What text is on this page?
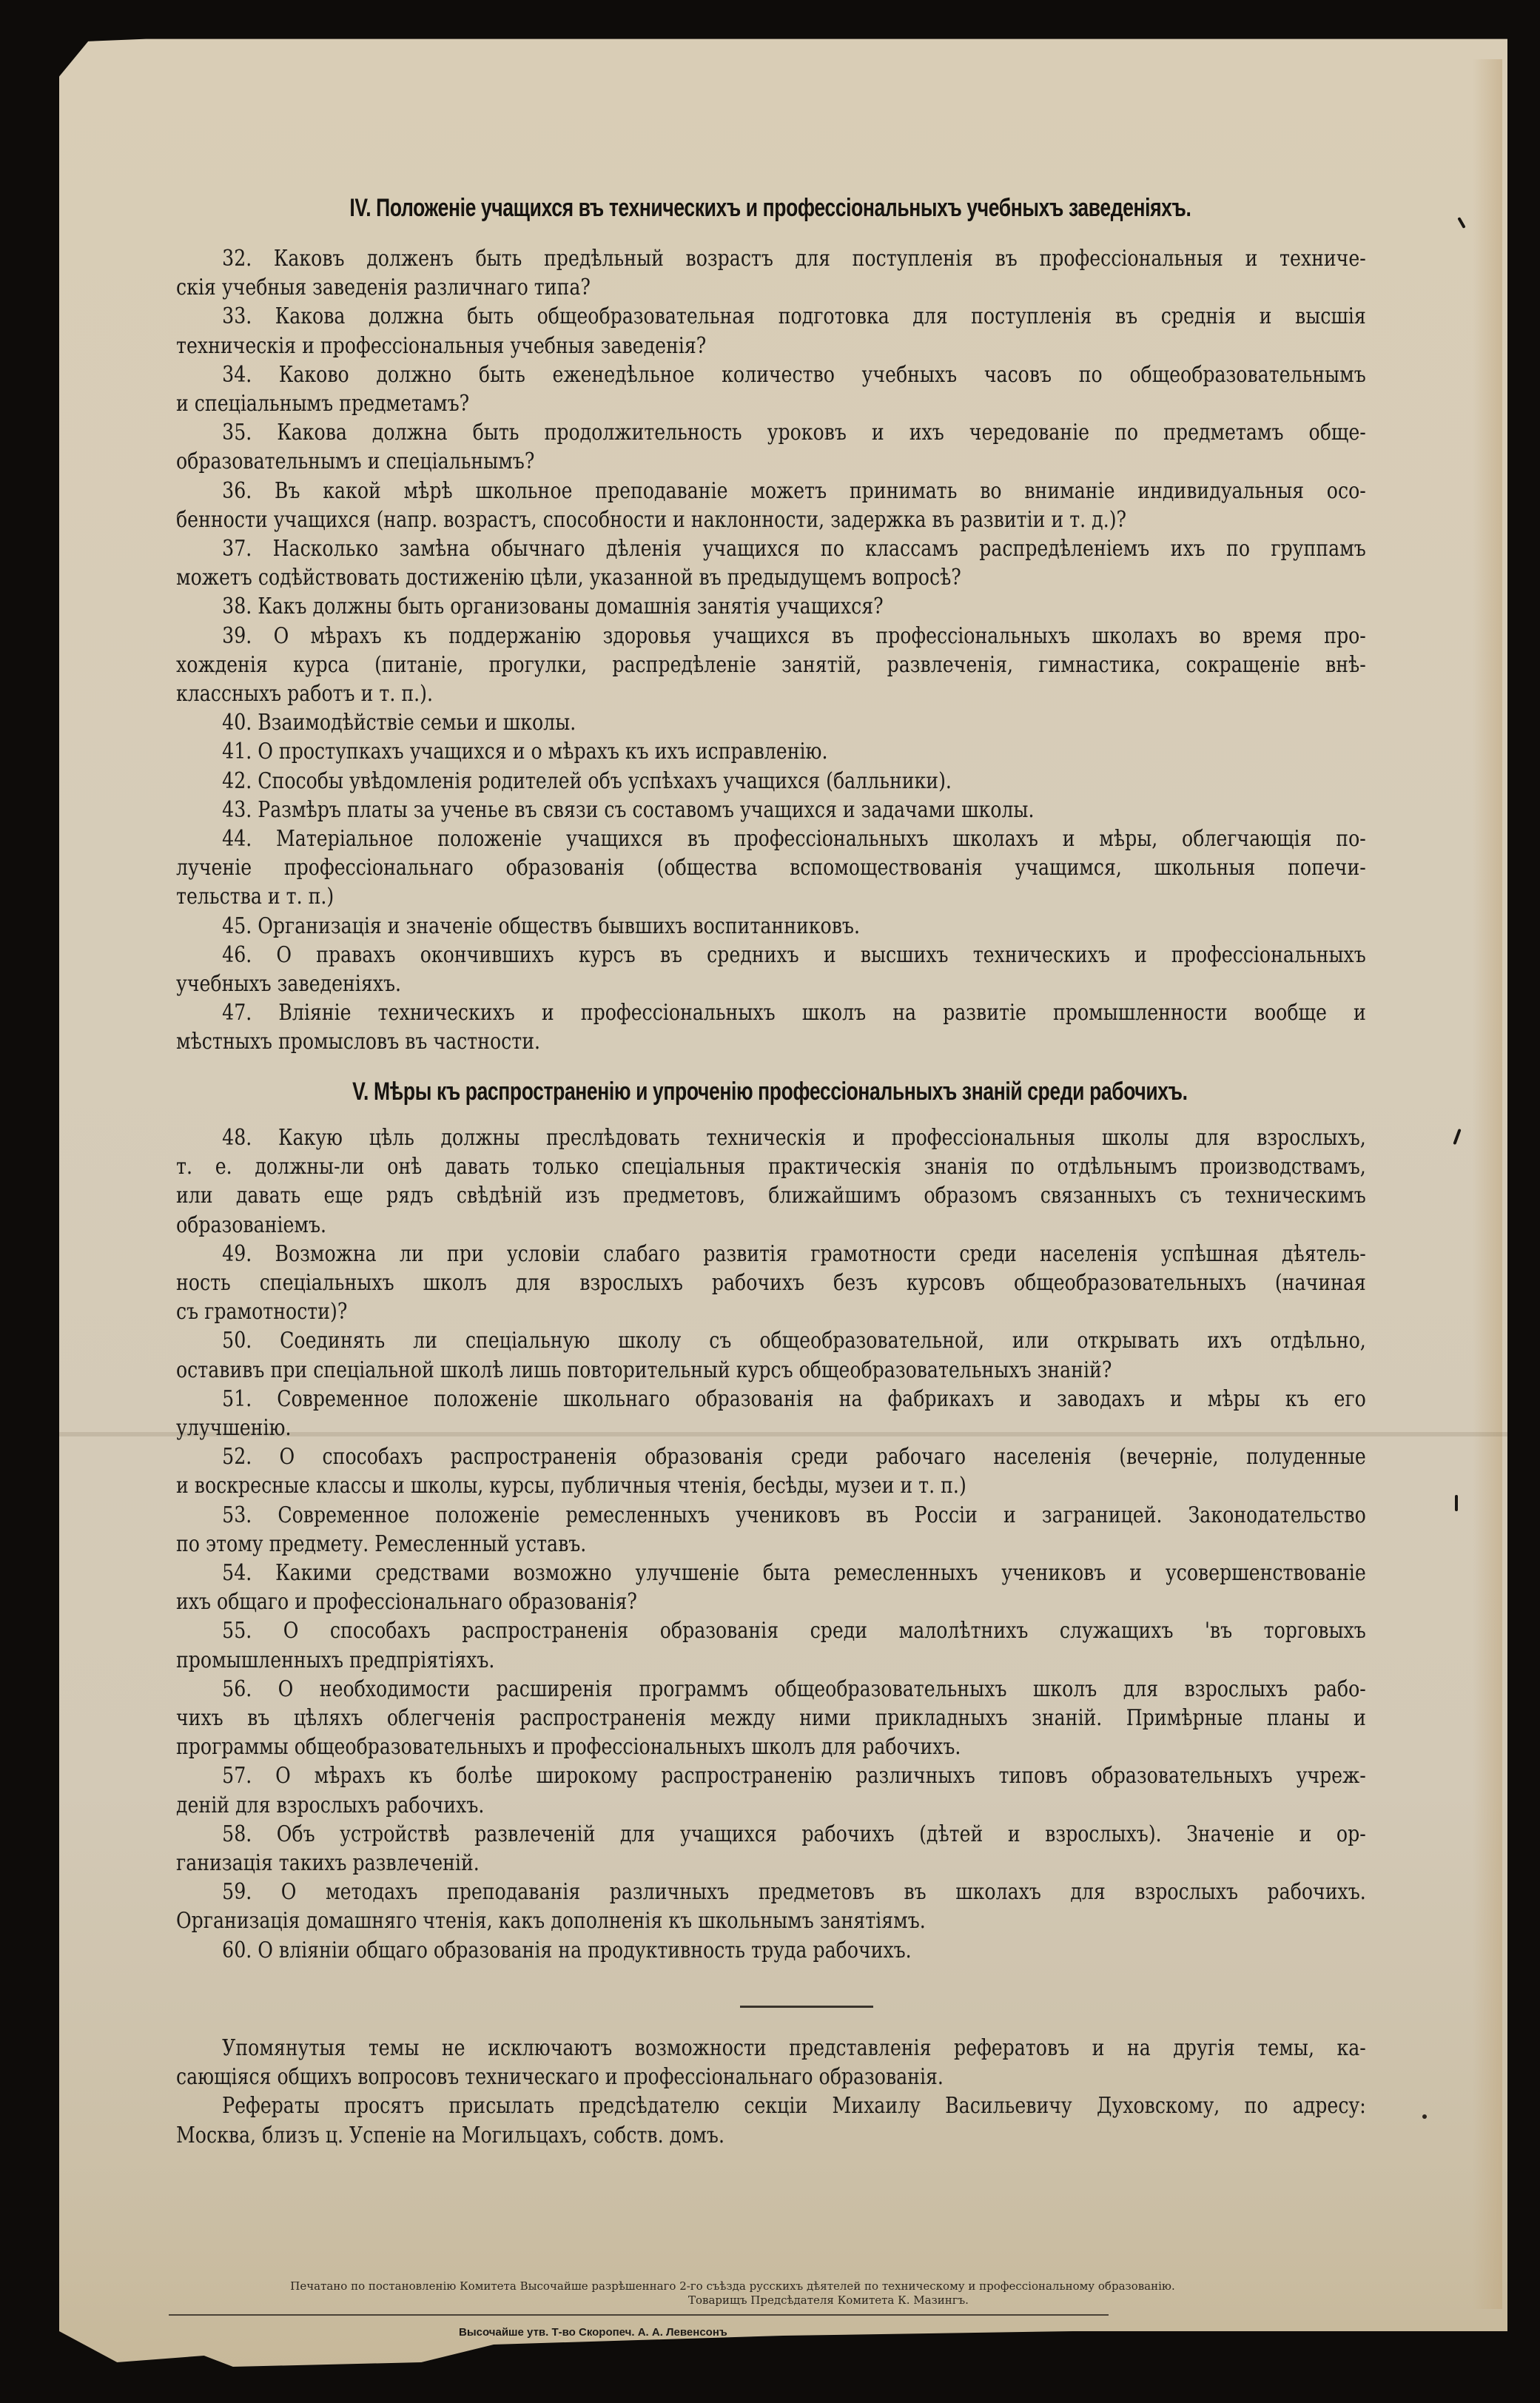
IV. Положеніе учащихся въ техническихъ и профессіональныхъ учебныхъ заведеніяхъ.
32. Каковъ долженъ быть предѣльный возрастъ для поступленія въ профессіональныя и техниче-
скія учебныя заведенія различнаго типа?
33. Какова должна быть общеобразовательная подготовка для поступленія въ среднія и высшія
техническія и профессіональныя учебныя заведенія?
34. Каково должно быть еженедѣльное количество учебныхъ часовъ по общеобразовательнымъ
и спеціальнымъ предметамъ?
35. Какова должна быть продолжительность уроковъ и ихъ чередованіе по предметамъ обще-
образовательнымъ и спеціальнымъ?
36. Въ какой мѣрѣ школьное преподаваніе можетъ принимать во вниманіе индивидуальныя осо-
бенности учащихся (напр. возрастъ, способности и наклонности, задержка въ развитіи и т. д.)?
37. Насколько замѣна обычнаго дѣленія учащихся по классамъ распредѣленіемъ ихъ по группамъ
можетъ содѣйствовать достиженію цѣли, указанной въ предыдущемъ вопросѣ?
38. Какъ должны быть организованы домашнія занятія учащихся?
39. О мѣрахъ къ поддержанію здоровья учащихся въ профессіональныхъ школахъ во время про-
хожденія курса (питаніе, прогулки, распредѣленіе занятій, развлеченія, гимнастика, сокращеніе внѣ-
классныхъ работъ и т. п.).
40. Взаимодѣйствіе семьи и школы.
41. О проступкахъ учащихся и о мѣрахъ къ ихъ исправленію.
42. Способы увѣдомленія родителей объ успѣхахъ учащихся (балльники).
43. Размѣръ платы за ученье въ связи съ составомъ учащихся и задачами школы.
44. Матеріальное положеніе учащихся въ профессіональныхъ школахъ и мѣры, облегчающія по-
лученіе профессіональнаго образованія (общества вспомоществованія учащимся, школьныя попечи-
тельства и т. п.)
45. Организація и значеніе обществъ бывшихъ воспитанниковъ.
46. О правахъ окончившихъ курсъ въ среднихъ и высшихъ техническихъ и профессіональныхъ
учебныхъ заведеніяхъ.
47. Вліяніе техническихъ и профессіональныхъ школъ на развитіе промышленности вообще и
мѣстныхъ промысловъ въ частности.
48. Какую цѣль должны преслѣдовать техническія и профессіональныя школы для взрослыхъ,
т. е. должны-ли онѣ давать только спеціальныя практическія знанія по отдѣльнымъ производствамъ,
или давать еще рядъ свѣдѣній изъ предметовъ, ближайшимъ образомъ связанныхъ съ техническимъ
образованіемъ.
49. Возможна ли при условіи слабаго развитія грамотности среди населенія успѣшная дѣятель-
ность спеціальныхъ школъ для взрослыхъ рабочихъ безъ курсовъ общеобразовательныхъ (начиная
съ грамотности)?
50. Соединять ли спеціальную школу съ общеобразовательной, или открывать ихъ отдѣльно,
оставивъ при спеціальной школѣ лишь повторительный курсъ общеобразовательныхъ знаній?
51. Современное положеніе школьнаго образованія на фабрикахъ и заводахъ и мѣры къ его
улучшенію.
52. О способахъ распространенія образованія среди рабочаго населенія (вечерніе, полуденные
и воскресные классы и школы, курсы, публичныя чтенія, бесѣды, музеи и т. п.)
53. Современное положеніе ремесленныхъ учениковъ въ Россіи и заграницей. Законодательство
по этому предмету. Ремесленный уставъ.
54. Какими средствами возможно улучшеніе быта ремесленныхъ учениковъ и усовершенствованіе
ихъ общаго и профессіональнаго образованія?
55. О способахъ распространенія образованія среди малолѣтнихъ служащихъ 'въ торговыхъ
промышленныхъ предпріятіяхъ.
56. О необходимости расширенія программъ общеобразовательныхъ школъ для взрослыхъ рабо-
чихъ въ цѣляхъ облегченія распространенія между ними прикладныхъ знаній. Примѣрные планы и
программы общеобразовательныхъ и профессіональныхъ школъ для рабочихъ.
57. О мѣрахъ къ болѣе широкому распространенію различныхъ типовъ образовательныхъ учреж-
деній для взрослыхъ рабочихъ.
58. Объ устройствѣ развлеченій для учащихся рабочихъ (дѣтей и взрослыхъ). Значеніе и ор-
ганизація такихъ развлеченій.
59. О методахъ преподаванія различныхъ предметовъ въ школахъ для взрослыхъ рабочихъ.
Организація домашняго чтенія, какъ дополненія къ школьнымъ занятіямъ.
60. О вліяніи общаго образованія на продуктивность труда рабочихъ.
Упомянутыя темы не исключаютъ возможности представленія рефератовъ и на другія темы, ка-
сающіяся общихъ вопросовъ техническаго и профессіональнаго образованія.
Рефераты просятъ присылать предсѣдателю секціи Михаилу Васильевичу Духовскому, по адресу:
Москва, близъ ц. Успеніе на Могильцахъ, собств. домъ.
V. Мѣры къ распространенію и упроченію профессіональныхъ знаній среди рабочихъ.
Печатано по постановленію Комитета Высочайше разрѣшеннаго 2-го съѣзда русскихъ дѣятелей по техническому и профессіональному образованію.
Товарищъ Предсѣдателя Комитета К. Мазингъ.
Высочайше утв. Т-во Скоропеч. А. А. Левенсонъ
